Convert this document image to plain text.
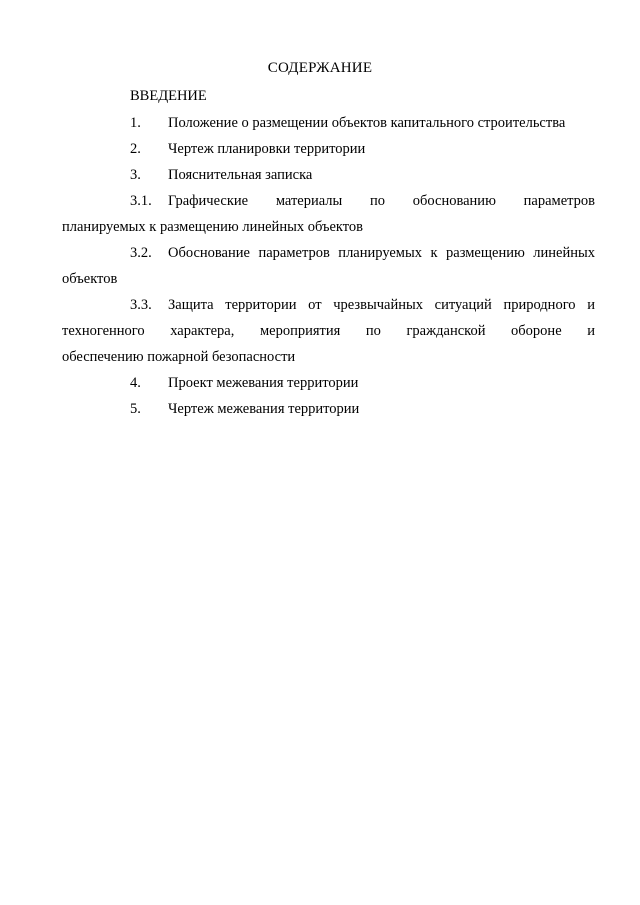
СОДЕРЖАНИЕ
ВВЕДЕНИЕ
1. Положение о размещении объектов капитального строительства
2. Чертеж планировки территории
3. Пояснительная записка
3.1. Графические материалы по обоснованию параметров
планируемых к размещению линейных объектов
3.2. Обоснование параметров планируемых к размещению линейных
объектов
3.3. Защита территории от чрезвычайных ситуаций природного и
техногенного характера, мероприятия по гражданской обороне и
обеспечению пожарной безопасности
4. Проект межевания территории
5. Чертеж межевания территории
